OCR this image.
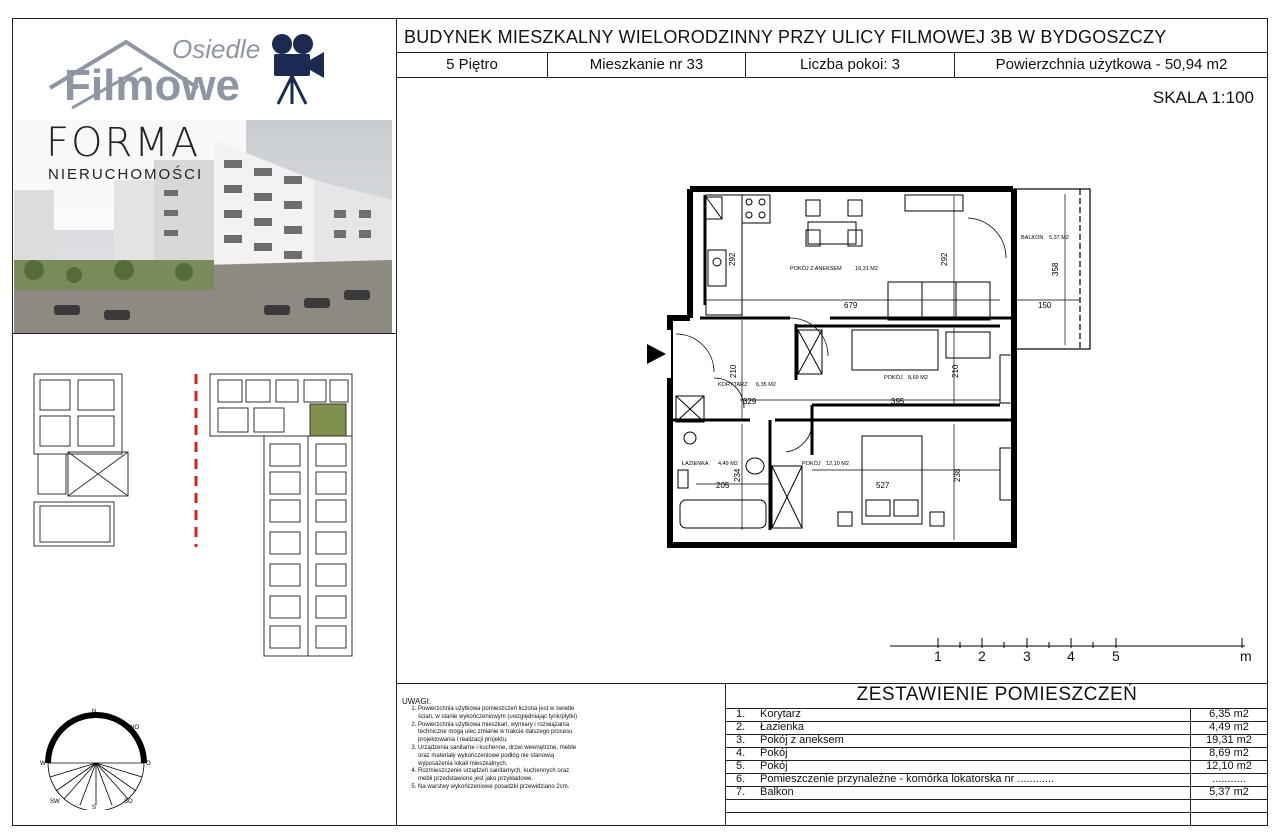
BUDYNEK MIESZKALNY WIELORODZINNY PRZY ULICY FILMOWEJ 3B W BYDGOSZCZY
5 Piętro	Mieszkanie nr 33	Liczba pokoi: 3	Powierzchnia użytkowa - 50,94 m2
SKALA 1:100
Osiedle
Filmowe
FORMA
NIERUCHOMOŚCI
N
NO
O
SO
S
SW
W
POKÓJ Z ANEKSEM 19,31 M2
BALKON 5,37 M2
KORYTARZ 6,35 M2
POKÓJ 8,69 M2
ŁAZIENKA 4,49 M2	POKÓJ 12,10 M2
292	292
358
679	150
210	210
329	395
234
205	527
238
1	2	3	4	5	m
UWAGI:
1. Powierzchnia użytkowa pomieszczeń liczona jest w świetle ścian, w stanie wykończeniowym (uwzględniając tynk/płytki)
2. Powierzchnia użytkowa mieszkań, wymiary i rozwiązania techniczne mogą ulec zmianie w trakcie dalszego procesu projektowania i realizacji projektu.
3. Urządzenia sanitarne i kuchenne, drzwi wewnętrzne, meble oraz materiały wykończeniowe podłóg nie stanowią wyposażenia lokali mieszkalnych.
4. Rozmieszczenie urządzeń sanitarnych, kuchennych oraz mebli przedstawione jest jako przykładowe.
5. Na warstwy wykończeniowe posadzki przewidziano 2cm.
ZESTAWIENIE POMIESZCZEŃ
1. Korytarz	6,35 m2
2. Łazienka	4,49 m2
3. Pokój z aneksem	19,31 m2
4. Pokój	8,69 m2
5. Pokój	12,10 m2
6. Pomieszczenie przynależne - komórka lokatorska nr ............	...........
7. Balkon	5,37 m2
